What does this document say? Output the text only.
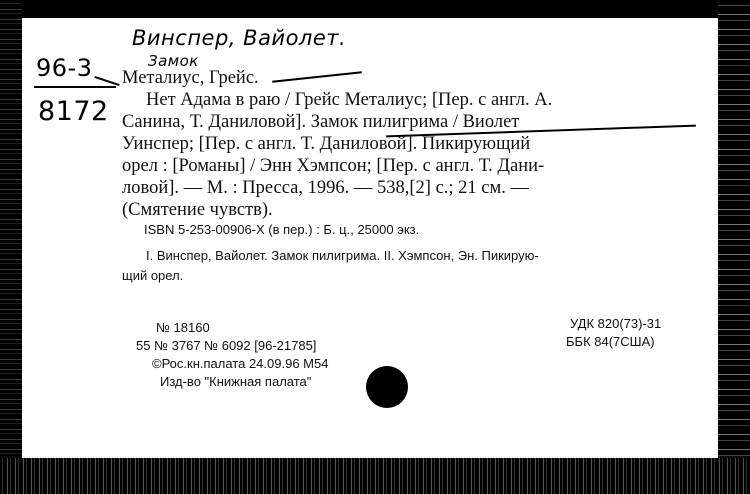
Винспер, Вайолет.
Замок
96-3
8172
Металиус, Грейс.
Нет Адама в раю / Грейс Металиус; [Пер. с англ. А.
Санина, Т. Даниловой]. Замок пилигрима / Виолет
Уинспер; [Пер. с англ. Т. Даниловой]. Пикирующий
орел : [Романы] / Энн Хэмпсон; [Пер. с англ. Т. Дани-
ловой]. — М. : Пресса, 1996. — 538,[2] с.; 21 см. —
(Смятение чувств).
ISBN 5-253-00906-X (в пер.) : Б. ц., 25000 экз.
I. Винспер, Вайолет. Замок пилигрима. II. Хэмпсон, Эн. Пикирую-
щий орел.
№ 18160
55 № 3767 № 6092 [96-21785]
©Рос.кн.палата 24.09.96 М54
Изд-во "Книжная палата"
УДК 820(73)-31
ББК 84(7США)
